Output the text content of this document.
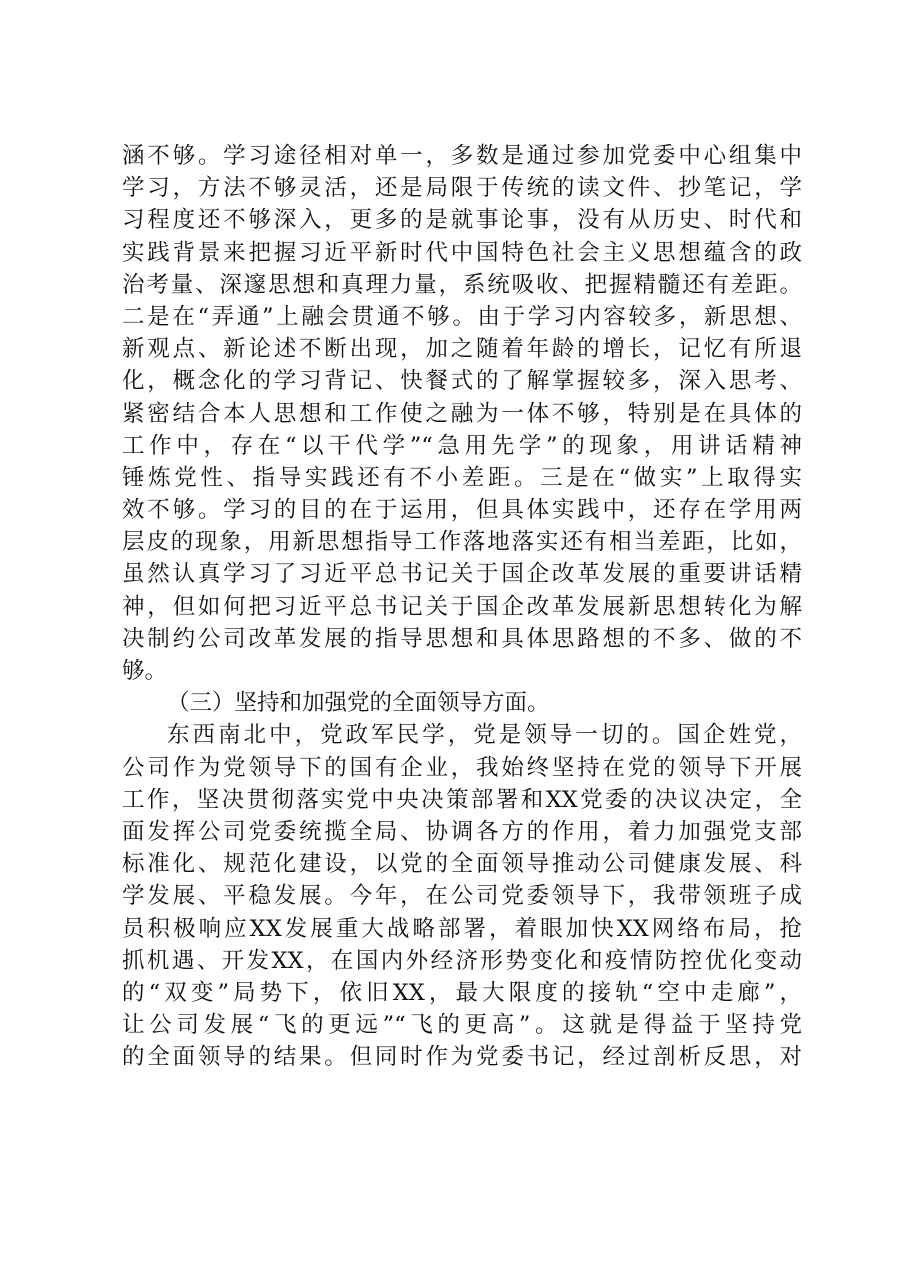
涵不够。学习途径相对单一，多数是通过参加党委中心组集中
学习，方法不够灵活，还是局限于传统的读文件、抄笔记，学
习程度还不够深入，更多的是就事论事，没有从历史、时代和
实践背景来把握习近平新时代中国特色社会主义思想蕴含的政
治考量、深邃思想和真理力量，系统吸收、把握精髓还有差距。
二是在“弄通”上融会贯通不够。由于学习内容较多，新思想、
新观点、新论述不断出现，加之随着年龄的增长，记忆有所退
化，概念化的学习背记、快餐式的了解掌握较多，深入思考、
紧密结合本人思想和工作使之融为一体不够，特别是在具体的
工作中，存在“以干代学”“急用先学”的现象，用讲话精神
锤炼党性、指导实践还有不小差距。三是在“做实”上取得实
效不够。学习的目的在于运用，但具体实践中，还存在学用两
层皮的现象，用新思想指导工作落地落实还有相当差距，比如，
虽然认真学习了习近平总书记关于国企改革发展的重要讲话精
神，但如何把习近平总书记关于国企改革发展新思想转化为解
决制约公司改革发展的指导思想和具体思路想的不多、做的不
够。
（三）坚持和加强党的全面领导方面。
东西南北中，党政军民学，党是领导一切的。国企姓党，
公司作为党领导下的国有企业，我始终坚持在党的领导下开展
工作，坚决贯彻落实党中央决策部署和XX党委的决议决定，全
面发挥公司党委统揽全局、协调各方的作用，着力加强党支部
标准化、规范化建设，以党的全面领导推动公司健康发展、科
学发展、平稳发展。今年，在公司党委领导下，我带领班子成
员积极响应XX发展重大战略部署，着眼加快XX网络布局，抢
抓机遇、开发XX，在国内外经济形势变化和疫情防控优化变动
的“双变”局势下，依旧XX，最大限度的接轨“空中走廊”，
让公司发展“飞的更远”“飞的更高”。这就是得益于坚持党
的全面领导的结果。但同时作为党委书记，经过剖析反思，对
